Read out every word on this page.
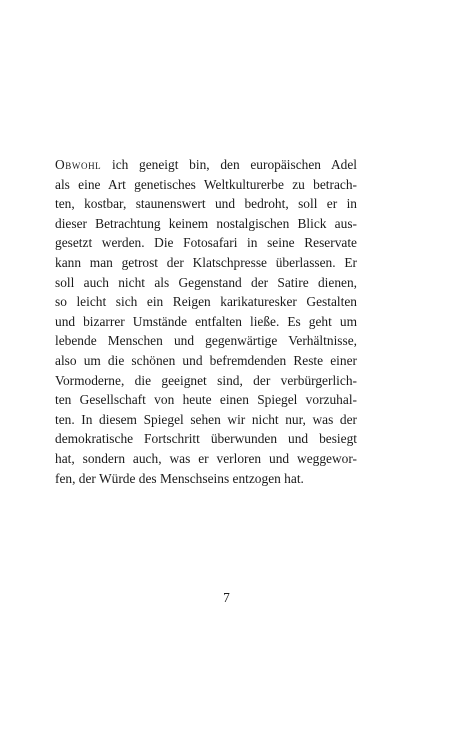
Obwohl ich geneigt bin, den europäischen Adel
als eine Art genetisches Weltkulturerbe zu betrach-
ten, kostbar, staunenswert und bedroht, soll er in
dieser Betrachtung keinem nostalgischen Blick aus-
gesetzt werden. Die Fotosafari in seine Reservate
kann man getrost der Klatschpresse überlassen. Er
soll auch nicht als Gegenstand der Satire dienen,
so leicht sich ein Reigen karikaturesker Gestalten
und bizarrer Umstände entfalten ließe. Es geht um
lebende Menschen und gegenwärtige Verhältnisse,
also um die schönen und befremdenden Reste einer
Vormoderne, die geeignet sind, der verbürgerlich-
ten Gesellschaft von heute einen Spiegel vorzuhal-
ten. In diesem Spiegel sehen wir nicht nur, was der
demokratische Fortschritt überwunden und besiegt
hat, sondern auch, was er verloren und weggewor-
fen, der Würde des Menschseins entzogen hat.
7
